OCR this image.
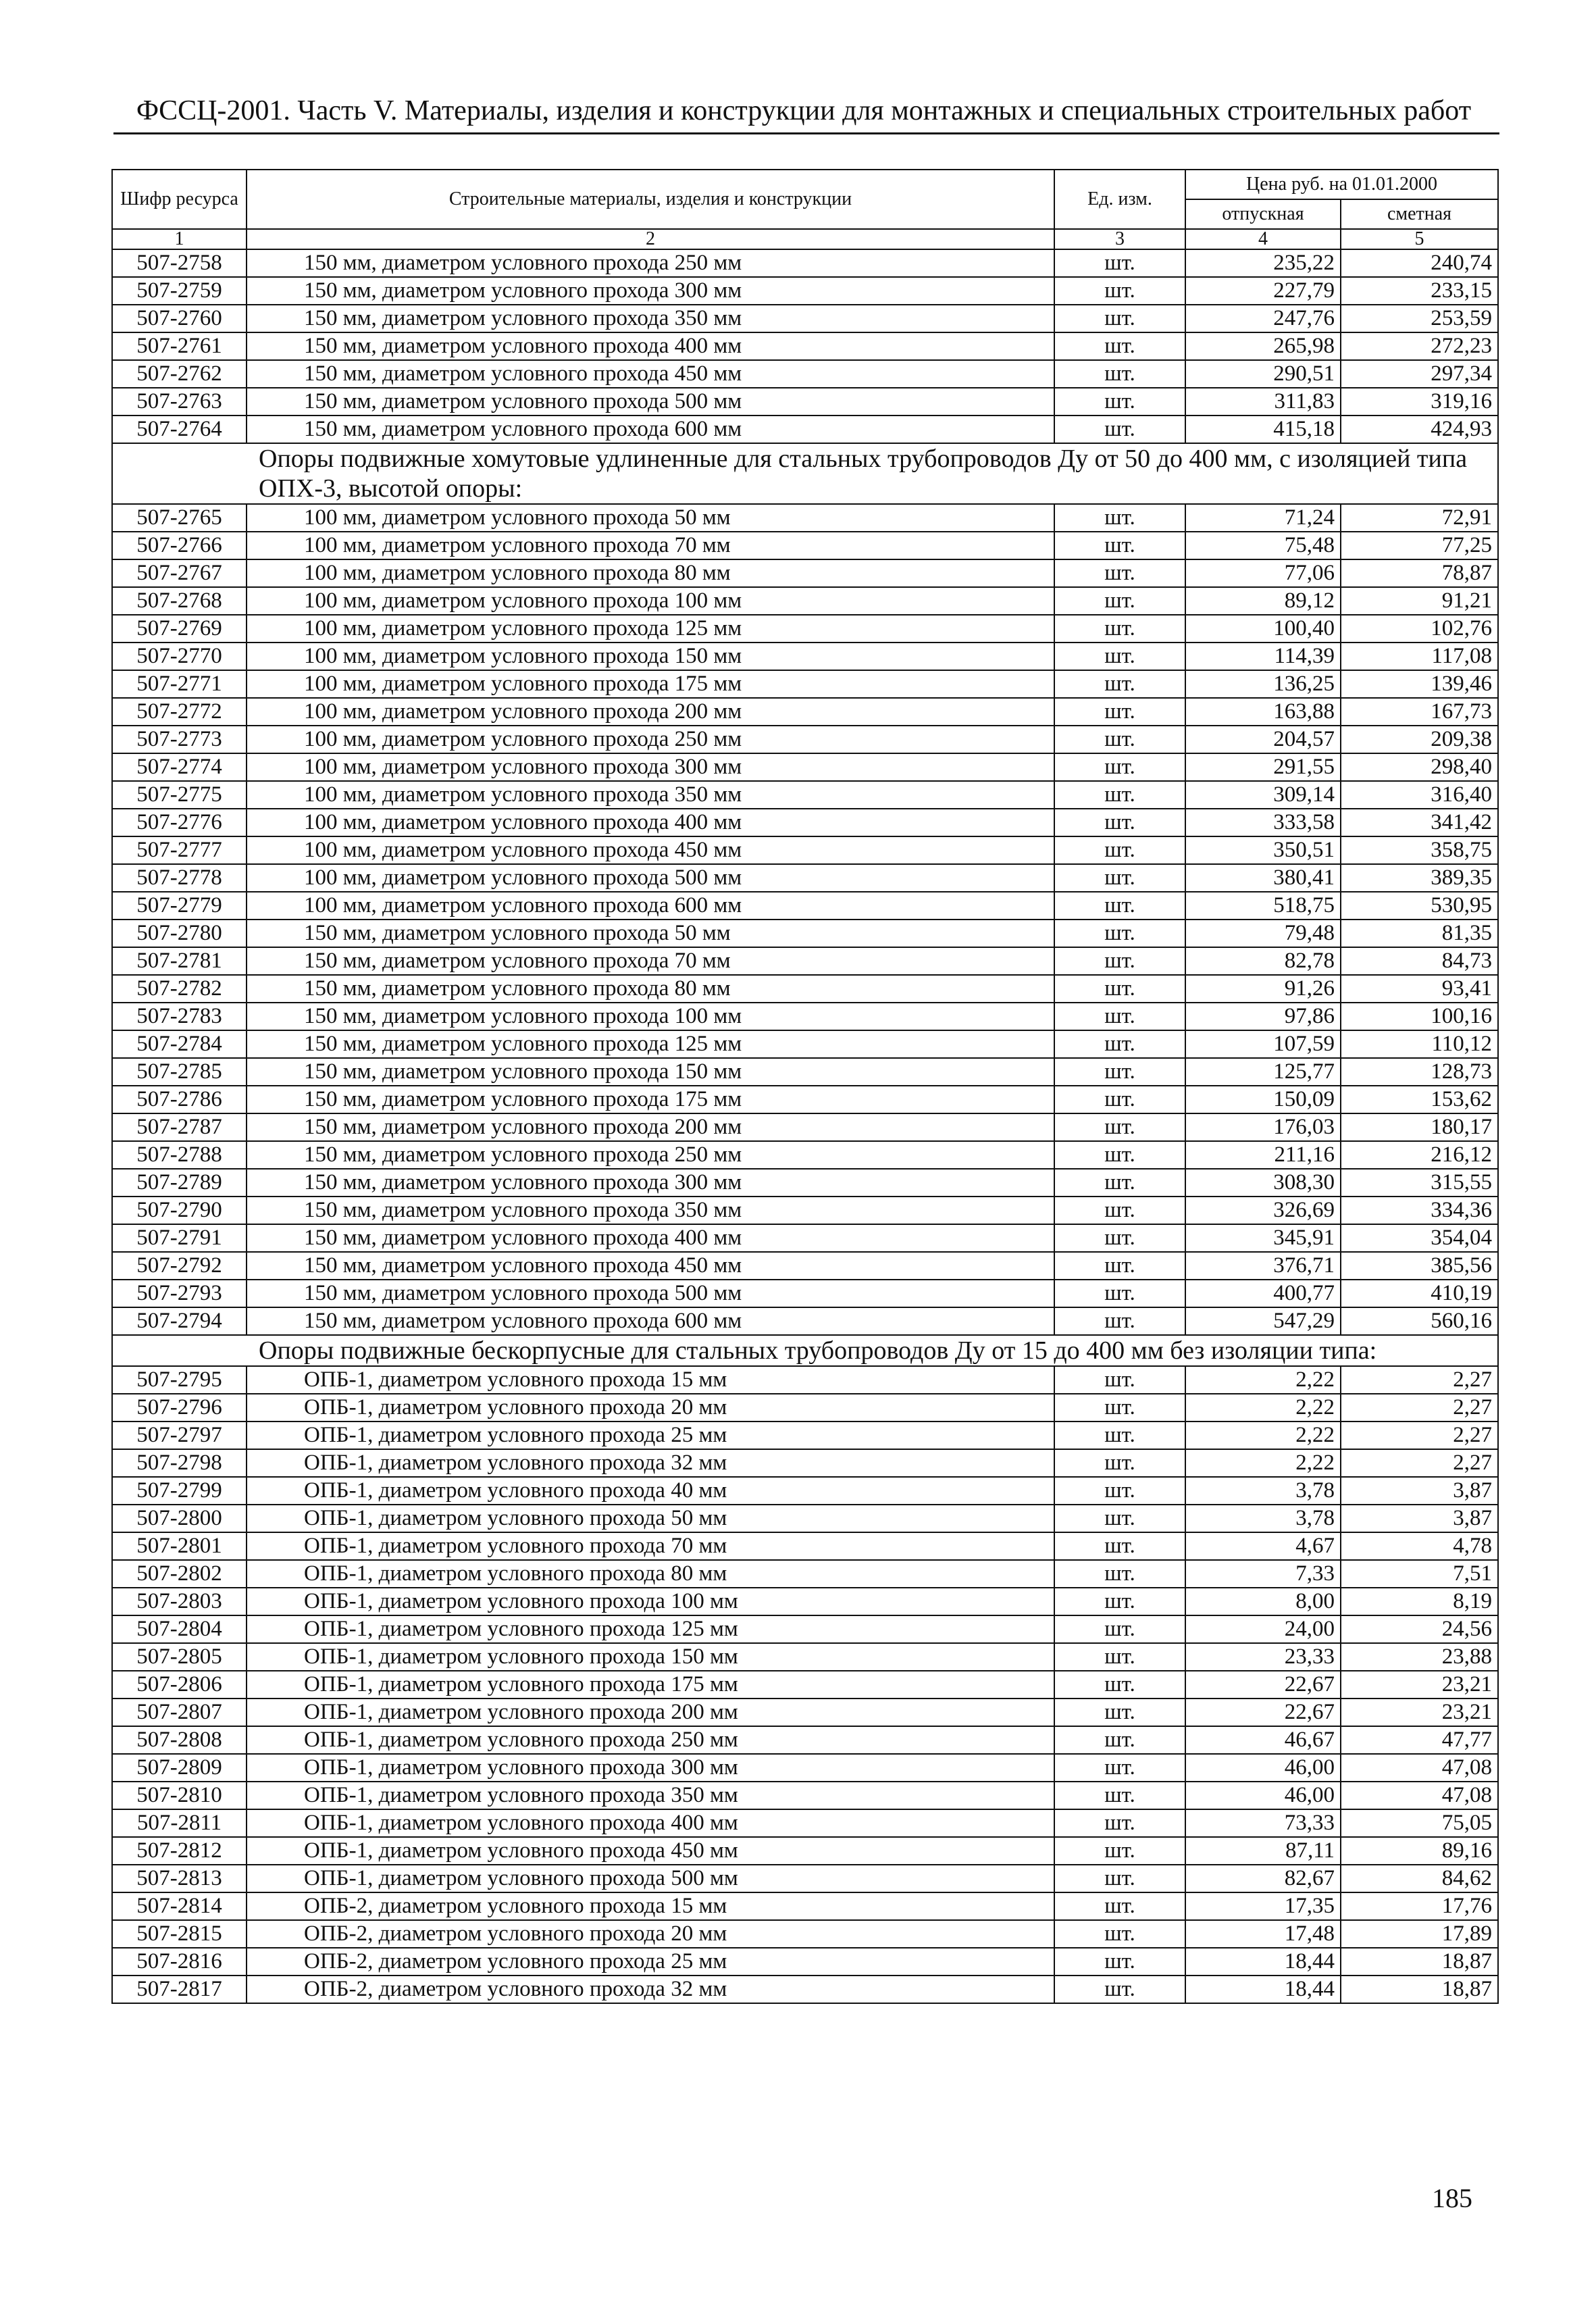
ФССЦ-2001. Часть V. Материалы, изделия и конструкции для монтажных и специальных строительных работ
Шифр ресурса	Строительные материалы, изделия и конструкции	Ед. изм.	Цена руб. на 01.01.2000	
			отпускная	сметная
1	2	3	4	5
507-2758	150 мм, диаметром условного прохода 250 мм	шт.	235,22	240,74
507-2759	150 мм, диаметром условного прохода 300 мм	шт.	227,79	233,15
507-2760	150 мм, диаметром условного прохода 350 мм	шт.	247,76	253,59
507-2761	150 мм, диаметром условного прохода 400 мм	шт.	265,98	272,23
507-2762	150 мм, диаметром условного прохода 450 мм	шт.	290,51	297,34
507-2763	150 мм, диаметром условного прохода 500 мм	шт.	311,83	319,16
507-2764	150 мм, диаметром условного прохода 600 мм	шт.	415,18	424,93
Опоры подвижные хомутовые удлиненные для стальных трубопроводов Ду от 50 до 400 мм, с изоляцией типа ОПХ-3, высотой опоры:				
507-2765	100 мм, диаметром условного прохода 50 мм	шт.	71,24	72,91
507-2766	100 мм, диаметром условного прохода 70 мм	шт.	75,48	77,25
507-2767	100 мм, диаметром условного прохода 80 мм	шт.	77,06	78,87
507-2768	100 мм, диаметром условного прохода 100 мм	шт.	89,12	91,21
507-2769	100 мм, диаметром условного прохода 125 мм	шт.	100,40	102,76
507-2770	100 мм, диаметром условного прохода 150 мм	шт.	114,39	117,08
507-2771	100 мм, диаметром условного прохода 175 мм	шт.	136,25	139,46
507-2772	100 мм, диаметром условного прохода 200 мм	шт.	163,88	167,73
507-2773	100 мм, диаметром условного прохода 250 мм	шт.	204,57	209,38
507-2774	100 мм, диаметром условного прохода 300 мм	шт.	291,55	298,40
507-2775	100 мм, диаметром условного прохода 350 мм	шт.	309,14	316,40
507-2776	100 мм, диаметром условного прохода 400 мм	шт.	333,58	341,42
507-2777	100 мм, диаметром условного прохода 450 мм	шт.	350,51	358,75
507-2778	100 мм, диаметром условного прохода 500 мм	шт.	380,41	389,35
507-2779	100 мм, диаметром условного прохода 600 мм	шт.	518,75	530,95
507-2780	150 мм, диаметром условного прохода 50 мм	шт.	79,48	81,35
507-2781	150 мм, диаметром условного прохода 70 мм	шт.	82,78	84,73
507-2782	150 мм, диаметром условного прохода 80 мм	шт.	91,26	93,41
507-2783	150 мм, диаметром условного прохода 100 мм	шт.	97,86	100,16
507-2784	150 мм, диаметром условного прохода 125 мм	шт.	107,59	110,12
507-2785	150 мм, диаметром условного прохода 150 мм	шт.	125,77	128,73
507-2786	150 мм, диаметром условного прохода 175 мм	шт.	150,09	153,62
507-2787	150 мм, диаметром условного прохода 200 мм	шт.	176,03	180,17
507-2788	150 мм, диаметром условного прохода 250 мм	шт.	211,16	216,12
507-2789	150 мм, диаметром условного прохода 300 мм	шт.	308,30	315,55
507-2790	150 мм, диаметром условного прохода 350 мм	шт.	326,69	334,36
507-2791	150 мм, диаметром условного прохода 400 мм	шт.	345,91	354,04
507-2792	150 мм, диаметром условного прохода 450 мм	шт.	376,71	385,56
507-2793	150 мм, диаметром условного прохода 500 мм	шт.	400,77	410,19
507-2794	150 мм, диаметром условного прохода 600 мм	шт.	547,29	560,16
Опоры подвижные бескорпусные для стальных трубопроводов Ду от 15 до 400 мм без изоляции типа:				
507-2795	ОПБ-1, диаметром условного прохода 15 мм	шт.	2,22	2,27
507-2796	ОПБ-1, диаметром условного прохода 20 мм	шт.	2,22	2,27
507-2797	ОПБ-1, диаметром условного прохода 25 мм	шт.	2,22	2,27
507-2798	ОПБ-1, диаметром условного прохода 32 мм	шт.	2,22	2,27
507-2799	ОПБ-1, диаметром условного прохода 40 мм	шт.	3,78	3,87
507-2800	ОПБ-1, диаметром условного прохода 50 мм	шт.	3,78	3,87
507-2801	ОПБ-1, диаметром условного прохода 70 мм	шт.	4,67	4,78
507-2802	ОПБ-1, диаметром условного прохода 80 мм	шт.	7,33	7,51
507-2803	ОПБ-1, диаметром условного прохода 100 мм	шт.	8,00	8,19
507-2804	ОПБ-1, диаметром условного прохода 125 мм	шт.	24,00	24,56
507-2805	ОПБ-1, диаметром условного прохода 150 мм	шт.	23,33	23,88
507-2806	ОПБ-1, диаметром условного прохода 175 мм	шт.	22,67	23,21
507-2807	ОПБ-1, диаметром условного прохода 200 мм	шт.	22,67	23,21
507-2808	ОПБ-1, диаметром условного прохода 250 мм	шт.	46,67	47,77
507-2809	ОПБ-1, диаметром условного прохода 300 мм	шт.	46,00	47,08
507-2810	ОПБ-1, диаметром условного прохода 350 мм	шт.	46,00	47,08
507-2811	ОПБ-1, диаметром условного прохода 400 мм	шт.	73,33	75,05
507-2812	ОПБ-1, диаметром условного прохода 450 мм	шт.	87,11	89,16
507-2813	ОПБ-1, диаметром условного прохода 500 мм	шт.	82,67	84,62
507-2814	ОПБ-2, диаметром условного прохода 15 мм	шт.	17,35	17,76
507-2815	ОПБ-2, диаметром условного прохода 20 мм	шт.	17,48	17,89
507-2816	ОПБ-2, диаметром условного прохода 25 мм	шт.	18,44	18,87
507-2817	ОПБ-2, диаметром условного прохода 32 мм	шт.	18,44	18,87
185
